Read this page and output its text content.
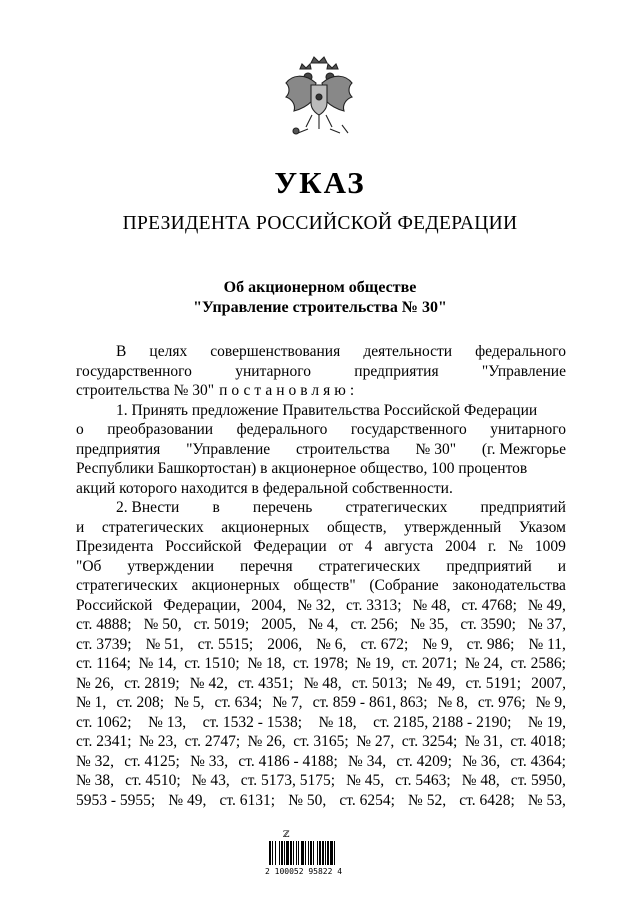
УКАЗ
ПРЕЗИДЕНТА РОССИЙСКОЙ ФЕДЕРАЦИИ
Об акционерном обществе
"Управление строительства № 30"
В целях совершенствования деятельности федерального
государственного	унитарного	предприятия	"Управление
строительства № 30" постановляю:
1. Принять предложение Правительства Российской Федерации
о преобразовании федерального государственного унитарного
предприятия "Управление строительства № 30" (г. Межгорье
Республики Башкортостан) в акционерное общество, 100 процентов
акций которого находится в федеральной собственности.
2. Внести в перечень стратегических предприятий
и стратегических акционерных обществ, утвержденный Указом
Президента Российской Федерации от 4 августа 2004 г. № 1009
"Об утверждении перечня стратегических предприятий и
стратегических акционерных обществ" (Собрание законодательства
Российской Федерации, 2004, № 32, ст. 3313; № 48, ст. 4768; № 49,
ст. 4888; № 50, ст. 5019; 2005, № 4, ст. 256; № 35, ст. 3590; № 37,
ст. 3739; № 51, ст. 5515; 2006, № 6, ст. 672; № 9, ст. 986; № 11,
ст. 1164; № 14, ст. 1510; № 18, ст. 1978; № 19, ст. 2071; № 24, ст. 2586;
№ 26, ст. 2819; № 42, ст. 4351; № 48, ст. 5013; № 49, ст. 5191; 2007,
№ 1, ст. 208; № 5, ст. 634; № 7, ст. 859 - 861, 863; № 8, ст. 976; № 9,
ст. 1062; № 13, ст. 1532 - 1538; № 18, ст. 2185, 2188 - 2190; № 19,
ст. 2341; № 23, ст. 2747; № 26, ст. 3165; № 27, ст. 3254; № 31, ст. 4018;
№ 32, ст. 4125; № 33, ст. 4186 - 4188; № 34, ст. 4209; № 36, ст. 4364;
№ 38, ст. 4510; № 43, ст. 5173, 5175; № 45, ст. 5463; № 48, ст. 5950,
5953 - 5955; № 49, ст. 6131; № 50, ст. 6254; № 52, ст. 6428; № 53,
ℤ
2 100052 95822 4
